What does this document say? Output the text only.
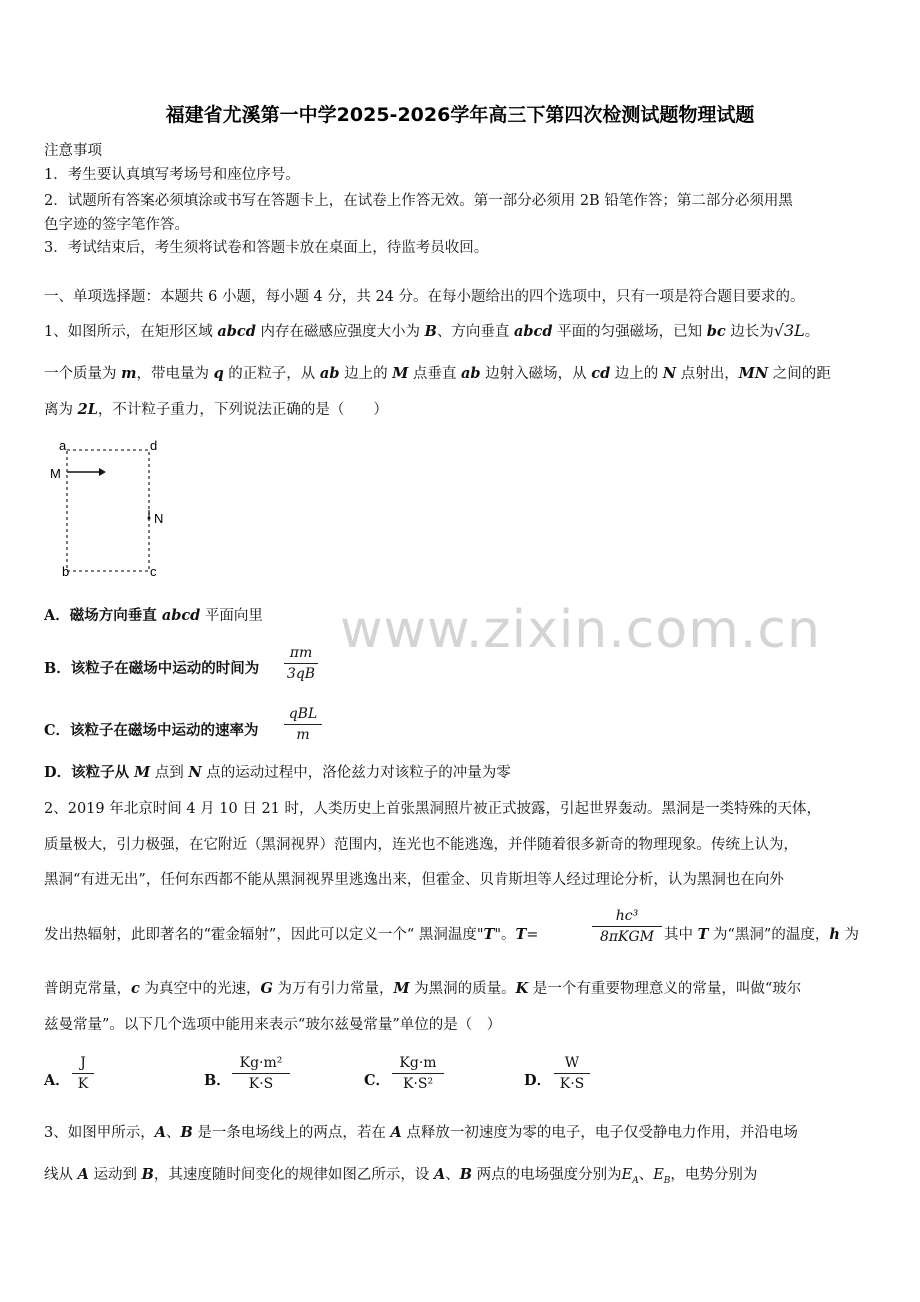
福建省尤溪第一中学2025-2026学年高三下第四次检测试题物理试题
注意事项
1．考生要认真填写考场号和座位序号。
2．试题所有答案必须填涂或书写在答题卡上，在试卷上作答无效。第一部分必须用 2B 铅笔作答；第二部分必须用黑
色字迹的签字笔作答。
3．考试结束后，考生须将试卷和答题卡放在桌面上，待监考员收回。
一、单项选择题：本题共 6 小题，每小题 4 分，共 24 分。在每小题给出的四个选项中，只有一项是符合题目要求的。
1、如图所示，在矩形区域 abcd 内存在磁感应强度大小为 B、方向垂直 abcd 平面的匀强磁场，已知 bc 边长为√3L。
一个质量为 m，带电量为 q 的正粒子，从 ab 边上的 M 点垂直 ab 边射入磁场，从 cd 边上的 N 点射出，MN 之间的距
离为 2L，不计粒子重力，下列说法正确的是（　　）
a	d
M
N
b	c
A．磁场方向垂直 abcd 平面向里
B．该粒子在磁场中运动的时间为 $\frac{\pi m}{3qB}$
C．该粒子在磁场中运动的速率为
qBL
m
D．该粒子从 M 点到 N 点的运动过程中，洛伦兹力对该粒子的冲量为零
www.zixin.com.cn
2、2019 年北京时间 4 月 10 日 21 时，人类历史上首张黑洞照片被正式披露，引起世界轰动。黑洞是一类特殊的天体，
质量极大，引力极强，在它附近（黑洞视界）范围内，连光也不能逃逸，并伴随着很多新奇的物理现象。传统上认为，
黑洞“有进无出”，任何东西都不能从黑洞视界里逃逸出来，但霍金、贝肯斯坦等人经过理论分析，认为黑洞也在向外
发出热辐射，此即著名的“霍金辐射”，因此可以定义一个“ 黑洞温度"T"。T=
hc³
8πKGM 其中 T 为“黑洞”的温度，h 为
普朗克常量，c 为真空中的光速，G 为万有引力常量，M 为黑洞的质量。K 是一个有重要物理意义的常量，叫做“玻尔
兹曼常量”。以下几个选项中能用来表示“玻尔兹曼常量”单位的是（　）
A． $\frac{J}{K}$	B． $\frac{\text{Kg·m²}}{K\cdot S}$	C． $\frac{Kg\cdot m}{\text{K·S²}}$	D． $\frac{W}{K\cdot S}$
3、如图甲所示，A、B 是一条电场线上的两点，若在 A 点释放一初速度为零的电子，电子仅受静电力作用，并沿电场
线从 A 运动到 B，其速度随时间变化的规律如图乙所示，设 A、B 两点的电场强度分别为$E_A$、$E_B$，电势分别为
